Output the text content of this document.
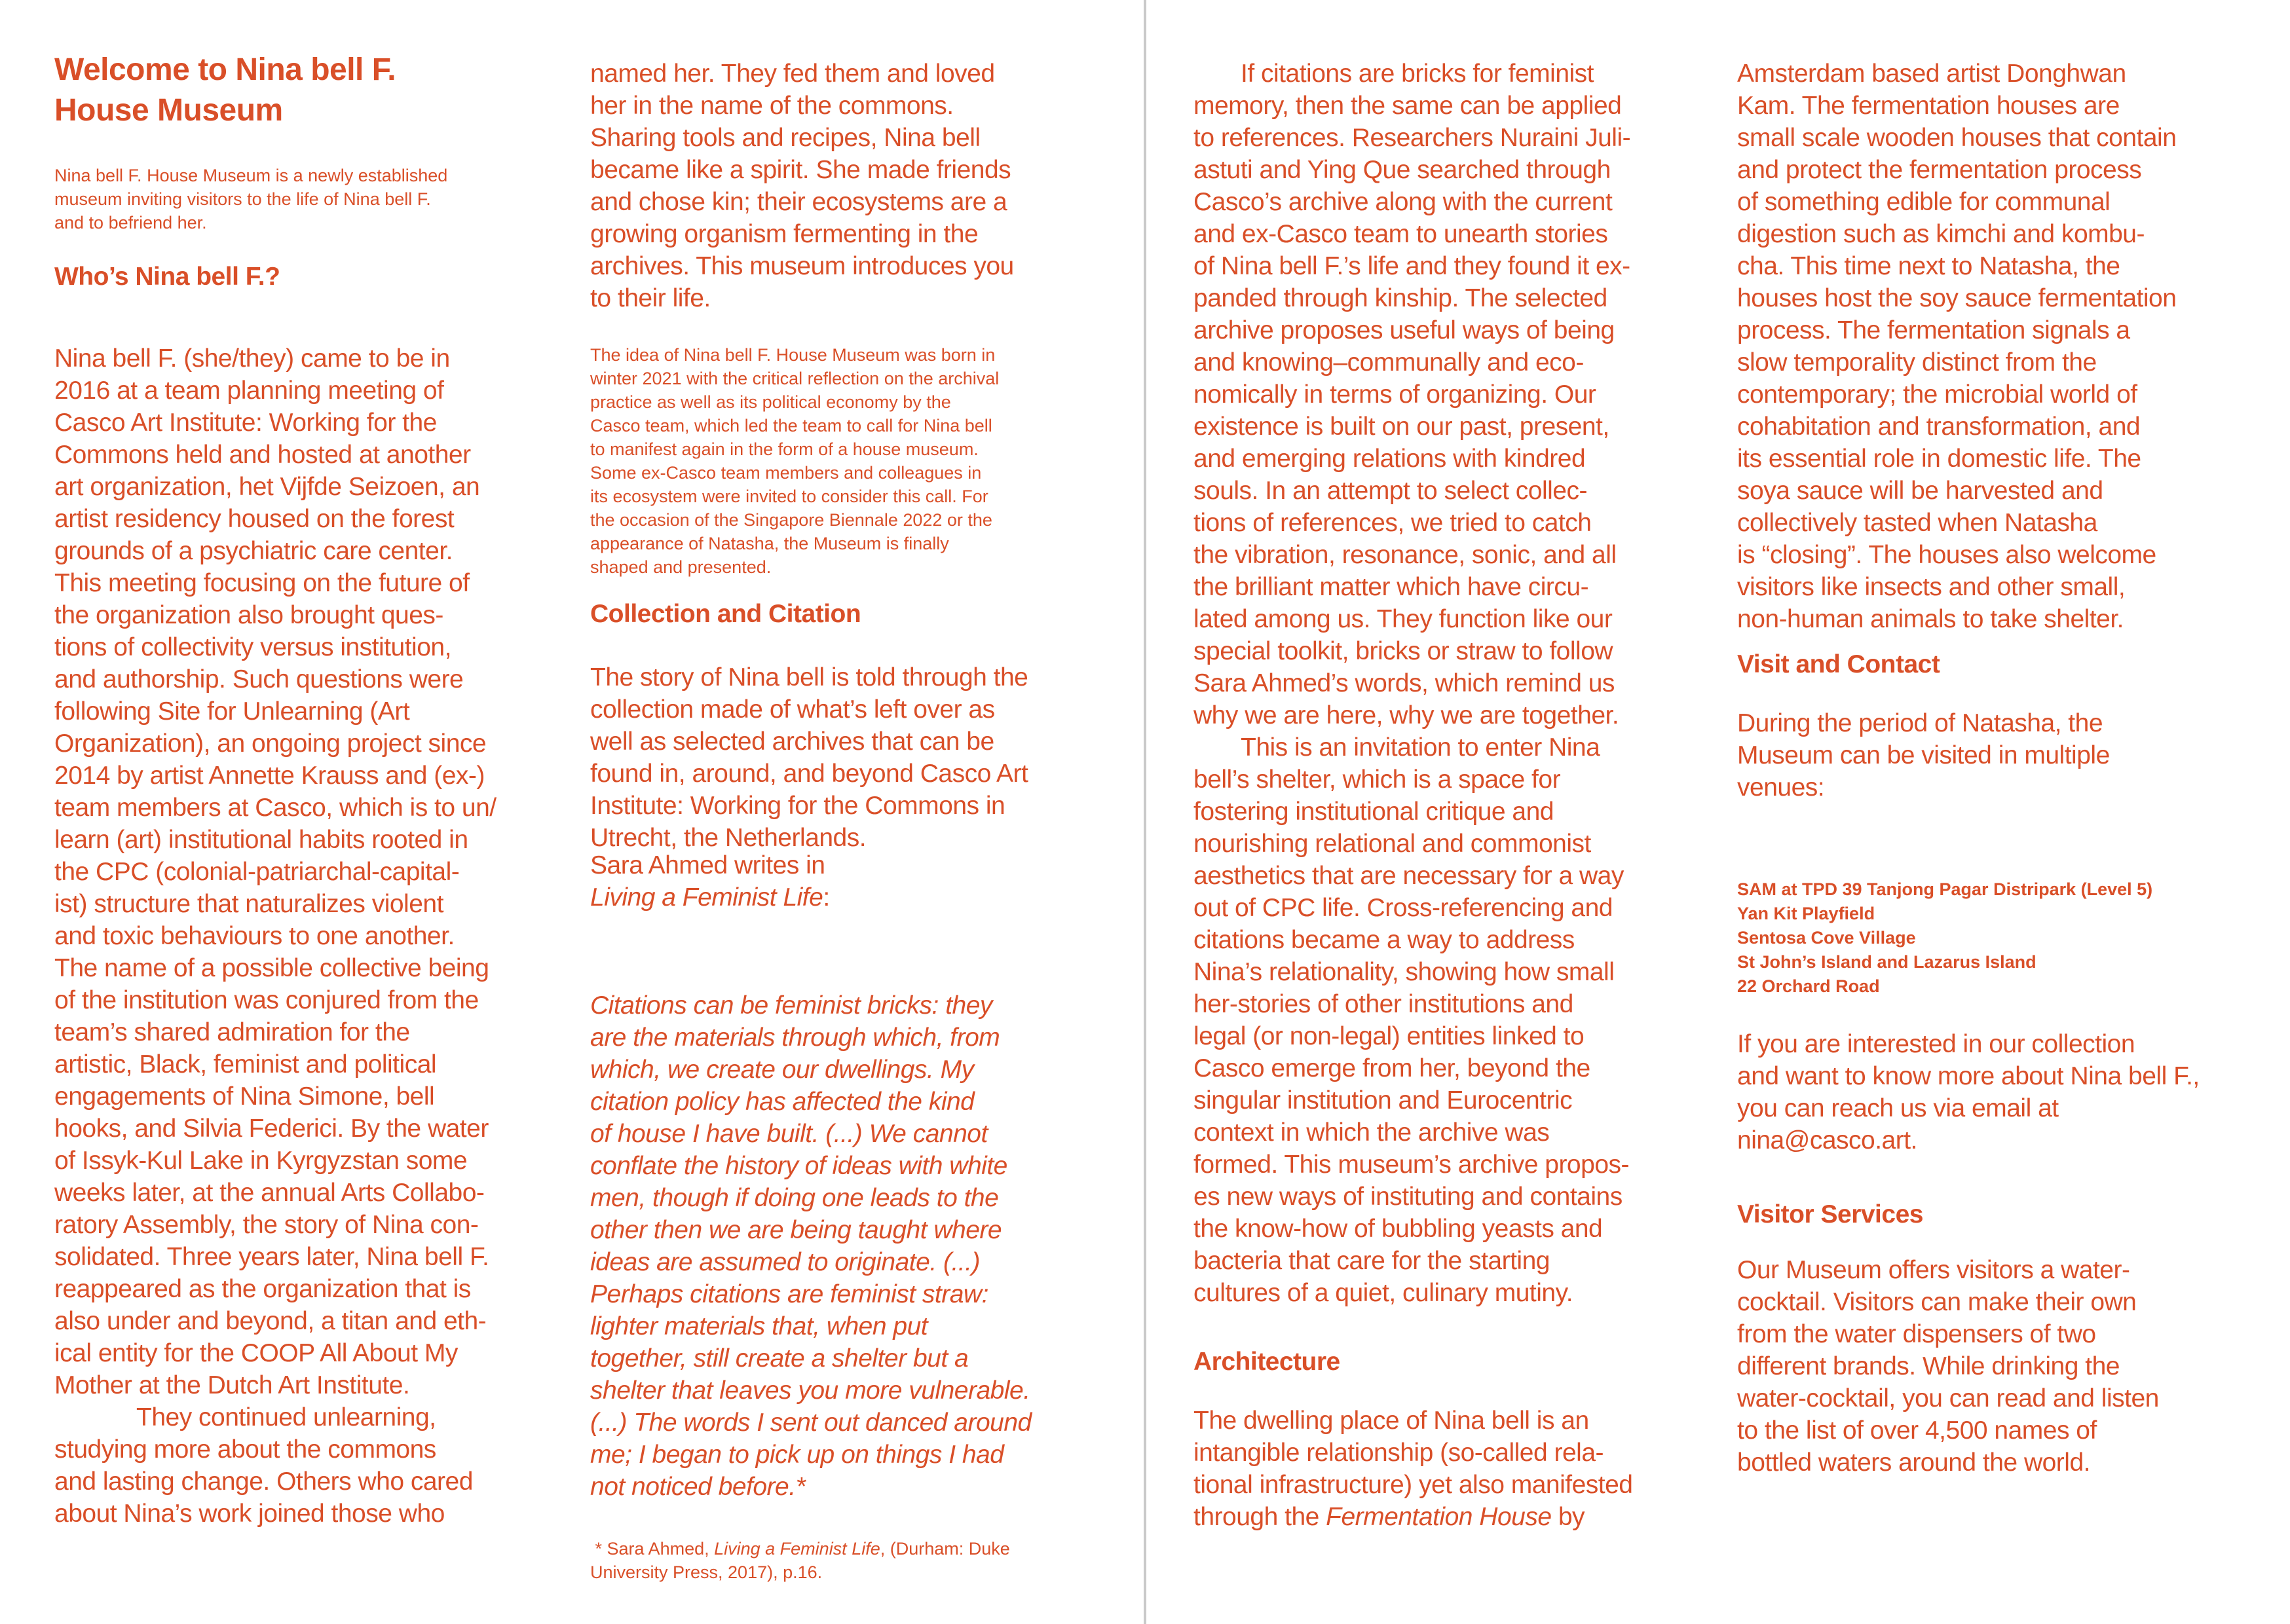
Welcome to Nina bell F.
House Museum
Nina bell F. House Museum is a newly established
museum inviting visitors to the life of Nina bell F.
and to befriend her.
Who’s Nina bell F.?
Nina bell F. (she/they) came to be in
2016 at a team planning meeting of
Casco Art Institute: Working for the
Commons held and hosted at another
art organization, het Vijfde Seizoen, an
artist residency housed on the forest
grounds of a psychiatric care center.
This meeting focusing on the future of
the organization also brought ques-
tions of collectivity versus institution,
and authorship. Such questions were
following Site for Unlearning (Art
Organization), an ongoing project since
2014 by artist Annette Krauss and (ex-)
team members at Casco, which is to un/
learn (art) institutional habits rooted in
the CPC (colonial-patriarchal-capital-
ist) structure that naturalizes violent
and toxic behaviours to one another.
The name of a possible collective being
of the institution was conjured from the
team’s shared admiration for the
artistic, Black, feminist and political
engagements of Nina Simone, bell
hooks, and Silvia Federici. By the water
of Issyk-Kul Lake in Kyrgyzstan some
weeks later, at the annual Arts Collabo-
ratory Assembly, the story of Nina con-
solidated. Three years later, Nina bell F.
reappeared as the organization that is
also under and beyond, a titan and eth-
ical entity for the COOP All About My
Mother at the Dutch Art Institute.
They continued unlearning,
studying more about the commons
and lasting change. Others who cared
about Nina’s work joined those who
named her. They fed them and loved
her in the name of the commons.
Sharing tools and recipes, Nina bell
became like a spirit. She made friends
and chose kin; their ecosystems are a
growing organism fermenting in the
archives. This museum introduces you
to their life.
The idea of Nina bell F. House Museum was born in
winter 2021 with the critical reflection on the archival
practice as well as its political economy by the
Casco team, which led the team to call for Nina bell
to manifest again in the form of a house museum.
Some ex-Casco team members and colleagues in
its ecosystem were invited to consider this call. For
the occasion of the Singapore Biennale 2022 or the
appearance of Natasha, the Museum is finally
shaped and presented.
Collection and Citation
The story of Nina bell is told through the
collection made of what’s left over as
well as selected archives that can be
found in, around, and beyond Casco Art
Institute: Working for the Commons in
Utrecht, the Netherlands.
Sara Ahmed writes in
Living a Feminist Life:
Citations can be feminist bricks: they
are the materials through which, from
which, we create our dwellings. My
citation policy has affected the kind
of house I have built. (...) We cannot
conflate the history of ideas with white
men, though if doing one leads to the
other then we are being taught where
ideas are assumed to originate. (...)
Perhaps citations are feminist straw:
lighter materials that, when put
together, still create a shelter but a
shelter that leaves you more vulnerable.
(...) The words I sent out danced around
me; I began to pick up on things I had
not noticed before.*
* Sara Ahmed, Living a Feminist Life, (Durham: Duke
University Press, 2017), p.16.
If citations are bricks for feminist
memory, then the same can be applied
to references. Researchers Nuraini Juli-
astuti and Ying Que searched through
Casco’s archive along with the current
and ex-Casco team to unearth stories
of Nina bell F.’s life and they found it ex-
panded through kinship. The selected
archive proposes useful ways of being
and knowing–communally and eco-
nomically in terms of organizing. Our
existence is built on our past, present,
and emerging relations with kindred
souls. In an attempt to select collec-
tions of references, we tried to catch
the vibration, resonance, sonic, and all
the brilliant matter which have circu-
lated among us. They function like our
special toolkit, bricks or straw to follow
Sara Ahmed’s words, which remind us
why we are here, why we are together.
This is an invitation to enter Nina
bell’s shelter, which is a space for
fostering institutional critique and
nourishing relational and commonist
aesthetics that are necessary for a way
out of CPC life. Cross-referencing and
citations became a way to address
Nina’s relationality, showing how small
her-stories of other institutions and
legal (or non-legal) entities linked to
Casco emerge from her, beyond the
singular institution and Eurocentric
context in which the archive was
formed. This museum’s archive propos-
es new ways of instituting and contains
the know-how of bubbling yeasts and
bacteria that care for the starting
cultures of a quiet, culinary mutiny.
Architecture
The dwelling place of Nina bell is an
intangible relationship (so-called rela-
tional infrastructure) yet also manifested
through the Fermentation House by
Amsterdam based artist Donghwan
Kam. The fermentation houses are
small scale wooden houses that contain
and protect the fermentation process
of something edible for communal
digestion such as kimchi and kombu-
cha. This time next to Natasha, the
houses host the soy sauce fermentation
process. The fermentation signals a
slow temporality distinct from the
contemporary; the microbial world of
cohabitation and transformation, and
its essential role in domestic life. The
soya sauce will be harvested and
collectively tasted when Natasha
is “closing”. The houses also welcome
visitors like insects and other small,
non-human animals to take shelter.
Visit and Contact
During the period of Natasha, the
Museum can be visited in multiple
venues:
SAM at TPD 39 Tanjong Pagar Distripark (Level 5)
Yan Kit Playfield
Sentosa Cove Village
St John’s Island and Lazarus Island
22 Orchard Road
If you are interested in our collection
and want to know more about Nina bell F.,
you can reach us via email at
nina@casco.art.
Visitor Services
Our Museum offers visitors a water-
cocktail. Visitors can make their own
from the water dispensers of two
different brands. While drinking the
water-cocktail, you can read and listen
to the list of over 4,500 names of
bottled waters around the world.
